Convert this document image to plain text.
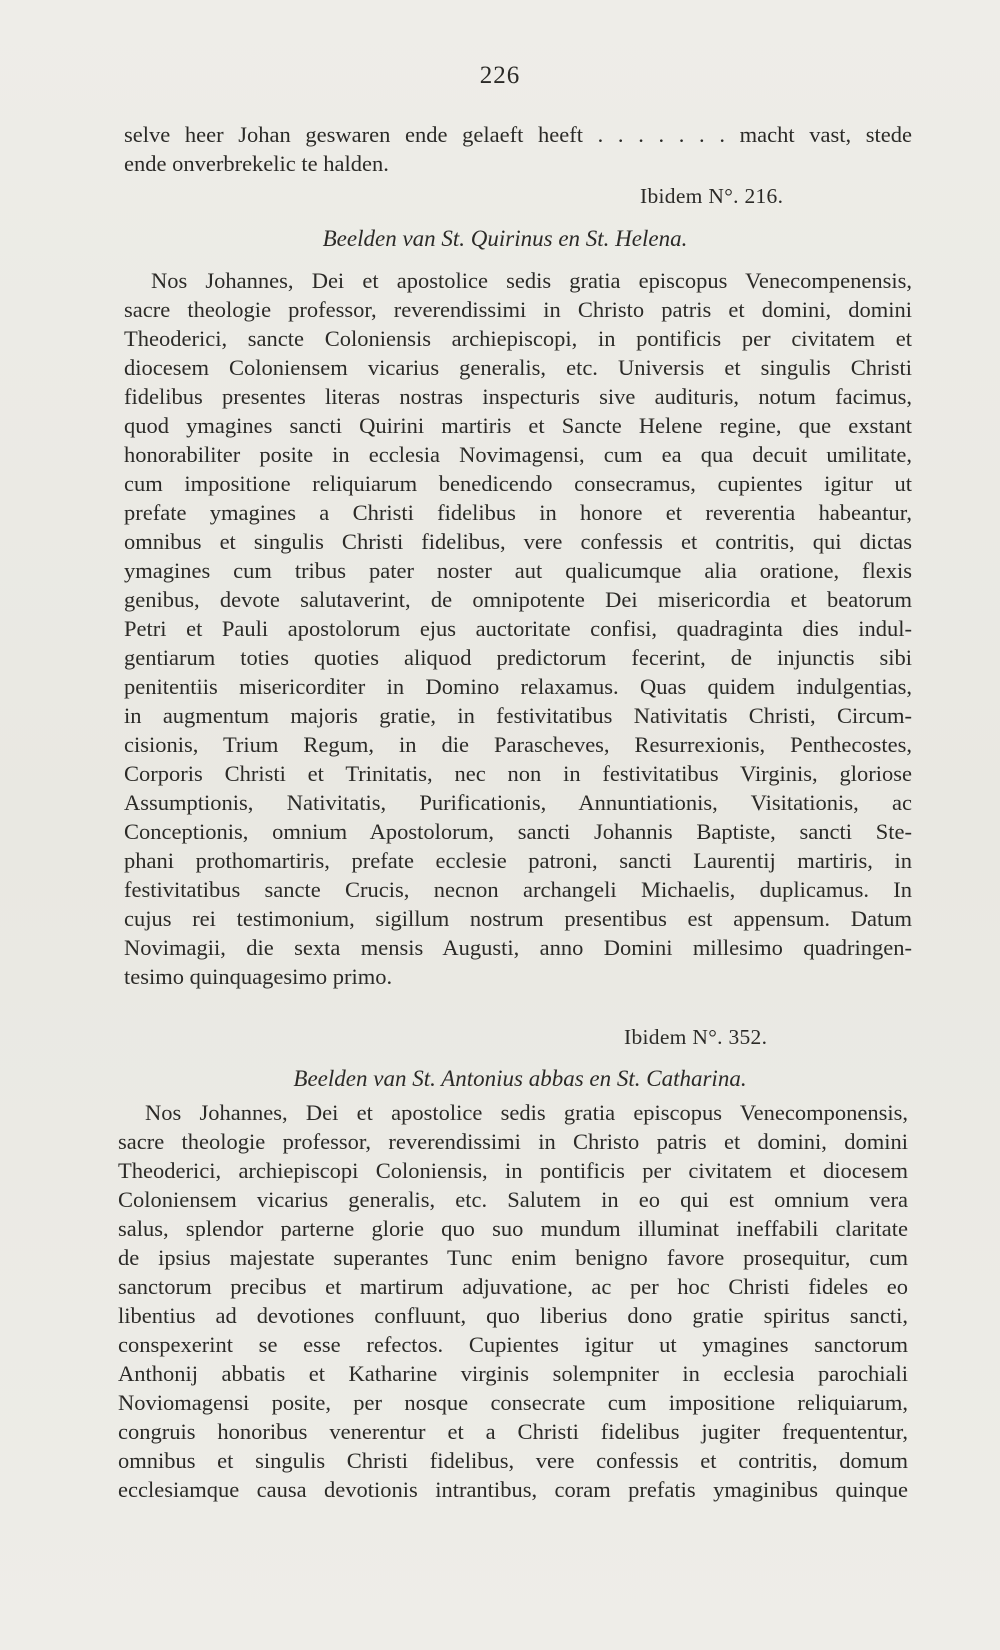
226
selve heer Johan geswaren ende gelaeft heeft . . . . . . . macht vast, stede
ende onverbrekelic te halden.
Ibidem N°. 216.
Beelden van St. Quirinus en St. Helena.
Nos Johannes, Dei et apostolice sedis gratia episcopus Venecompenensis,
sacre theologie professor, reverendissimi in Christo patris et domini, domini
Theoderici, sancte Coloniensis archiepiscopi, in pontificis per civitatem et
diocesem Coloniensem vicarius generalis, etc. Universis et singulis Christi
fidelibus presentes literas nostras inspecturis sive audituris, notum facimus,
quod ymagines sancti Quirini martiris et Sancte Helene regine, que exstant
honorabiliter posite in ecclesia Novimagensi, cum ea qua decuit umilitate,
cum impositione reliquiarum benedicendo consecramus, cupientes igitur ut
prefate ymagines a Christi fidelibus in honore et reverentia habeantur,
omnibus et singulis Christi fidelibus, vere confessis et contritis, qui dictas
ymagines cum tribus pater noster aut qualicumque alia oratione, flexis
genibus, devote salutaverint, de omnipotente Dei misericordia et beatorum
Petri et Pauli apostolorum ejus auctoritate confisi, quadraginta dies indul-
gentiarum toties quoties aliquod predictorum fecerint, de injunctis sibi
penitentiis misericorditer in Domino relaxamus. Quas quidem indulgentias,
in augmentum majoris gratie, in festivitatibus Nativitatis Christi, Circum-
cisionis, Trium Regum, in die Parascheves, Resurrexionis, Penthecostes,
Corporis Christi et Trinitatis, nec non in festivitatibus Virginis, gloriose
Assumptionis, Nativitatis, Purificationis, Annuntiationis, Visitationis, ac
Conceptionis, omnium Apostolorum, sancti Johannis Baptiste, sancti Ste-
phani prothomartiris, prefate ecclesie patroni, sancti Laurentij martiris, in
festivitatibus sancte Crucis, necnon archangeli Michaelis, duplicamus. In
cujus rei testimonium, sigillum nostrum presentibus est appensum. Datum
Novimagii, die sexta mensis Augusti, anno Domini millesimo quadringen-
tesimo quinquagesimo primo.
Ibidem N°. 352.
Beelden van St. Antonius abbas en St. Catharina.
Nos Johannes, Dei et apostolice sedis gratia episcopus Venecomponensis,
sacre theologie professor, reverendissimi in Christo patris et domini, domini
Theoderici, archiepiscopi Coloniensis, in pontificis per civitatem et diocesem
Coloniensem vicarius generalis, etc. Salutem in eo qui est omnium vera
salus, splendor parterne glorie quo suo mundum illuminat ineffabili claritate
de ipsius majestate superantes Tunc enim benigno favore prosequitur, cum
sanctorum precibus et martirum adjuvatione, ac per hoc Christi fideles eo
libentius ad devotiones confluunt, quo liberius dono gratie spiritus sancti,
conspexerint se esse refectos. Cupientes igitur ut ymagines sanctorum
Anthonij abbatis et Katharine virginis solempniter in ecclesia parochiali
Noviomagensi posite, per nosque consecrate cum impositione reliquiarum,
congruis honoribus venerentur et a Christi fidelibus jugiter frequententur,
omnibus et singulis Christi fidelibus, vere confessis et contritis, domum
ecclesiamque causa devotionis intrantibus, coram prefatis ymaginibus quinque
